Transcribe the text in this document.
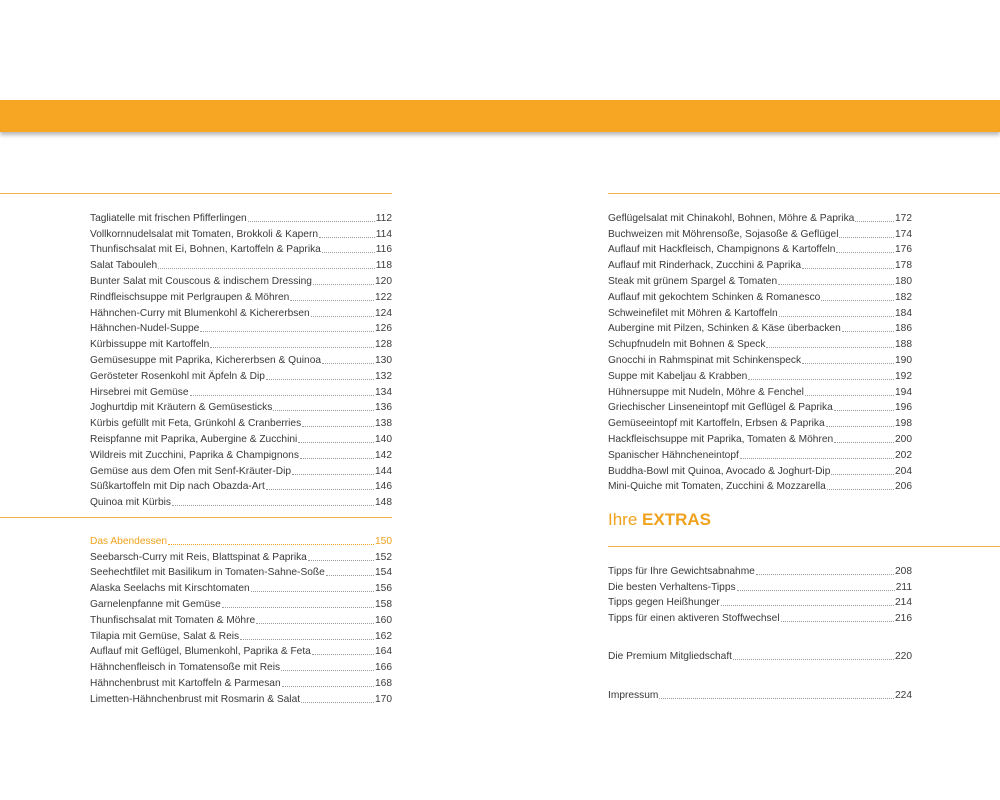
Tagliatelle mit frischen Pfifferlingen	112
Vollkornnudelsalat mit Tomaten, Brokkoli & Kapern	114
Thunfischsalat mit Ei, Bohnen, Kartoffeln & Paprika	116
Salat Tabouleh	118
Bunter Salat mit Couscous & indischem Dressing	120
Rindfleischsuppe mit Perlgraupen & Möhren	122
Hähnchen-Curry mit Blumenkohl & Kichererbsen	124
Hähnchen-Nudel-Suppe	126
Kürbissuppe mit Kartoffeln	128
Gemüsesuppe mit Paprika, Kichererbsen & Quinoa	130
Gerösteter Rosenkohl mit Äpfeln & Dip	132
Hirsebrei mit Gemüse	134
Joghurtdip mit Kräutern & Gemüsesticks	136
Kürbis gefüllt mit Feta, Grünkohl & Cranberries	138
Reispfanne mit Paprika, Aubergine & Zucchini	140
Wildreis mit Zucchini, Paprika & Champignons	142
Gemüse aus dem Ofen mit Senf-Kräuter-Dip	144
Süßkartoffeln mit Dip nach Obazda-Art	146
Quinoa mit Kürbis	148
Das Abendessen	150
Seebarsch-Curry mit Reis, Blattspinat & Paprika	152
Seehechtfilet mit Basilikum in Tomaten-Sahne-Soße	154
Alaska Seelachs mit Kirschtomaten	156
Garnelenpfanne mit Gemüse	158
Thunfischsalat mit Tomaten & Möhre	160
Tilapia mit Gemüse, Salat & Reis	162
Auflauf mit Geflügel, Blumenkohl, Paprika & Feta	164
Hähnchenfleisch in Tomatensoße mit Reis	166
Hähnchenbrust mit Kartoffeln & Parmesan	168
Limetten-Hähnchenbrust mit Rosmarin & Salat	170
Geflügelsalat mit Chinakohl, Bohnen, Möhre & Paprika	172
Buchweizen mit Möhrensoße, Sojasoße & Geflügel	174
Auflauf mit Hackfleisch, Champignons & Kartoffeln	176
Auflauf mit Rinderhack, Zucchini & Paprika	178
Steak mit grünem Spargel & Tomaten	180
Auflauf mit gekochtem Schinken & Romanesco	182
Schweinefilet mit Möhren & Kartoffeln	184
Aubergine mit Pilzen, Schinken & Käse überbacken	186
Schupfnudeln mit Bohnen & Speck	188
Gnocchi in Rahmspinat mit Schinkenspeck	190
Suppe mit Kabeljau & Krabben	192
Hühnersuppe mit Nudeln, Möhre & Fenchel	194
Griechischer Linseneintopf mit Geflügel & Paprika	196
Gemüseeintopf mit Kartoffeln, Erbsen & Paprika	198
Hackfleischsuppe mit Paprika, Tomaten & Möhren	200
Spanischer Hähncheneintopf	202
Buddha-Bowl mit Quinoa, Avocado & Joghurt-Dip	204
Mini-Quiche mit Tomaten, Zucchini & Mozzarella	206
Ihre EXTRAS
Tipps für Ihre Gewichtsabnahme	208
Die besten Verhaltens-Tipps	211
Tipps gegen Heißhunger	214
Tipps für einen aktiveren Stoffwechsel	216
Die Premium Mitgliedschaft	220
Impressum	224
